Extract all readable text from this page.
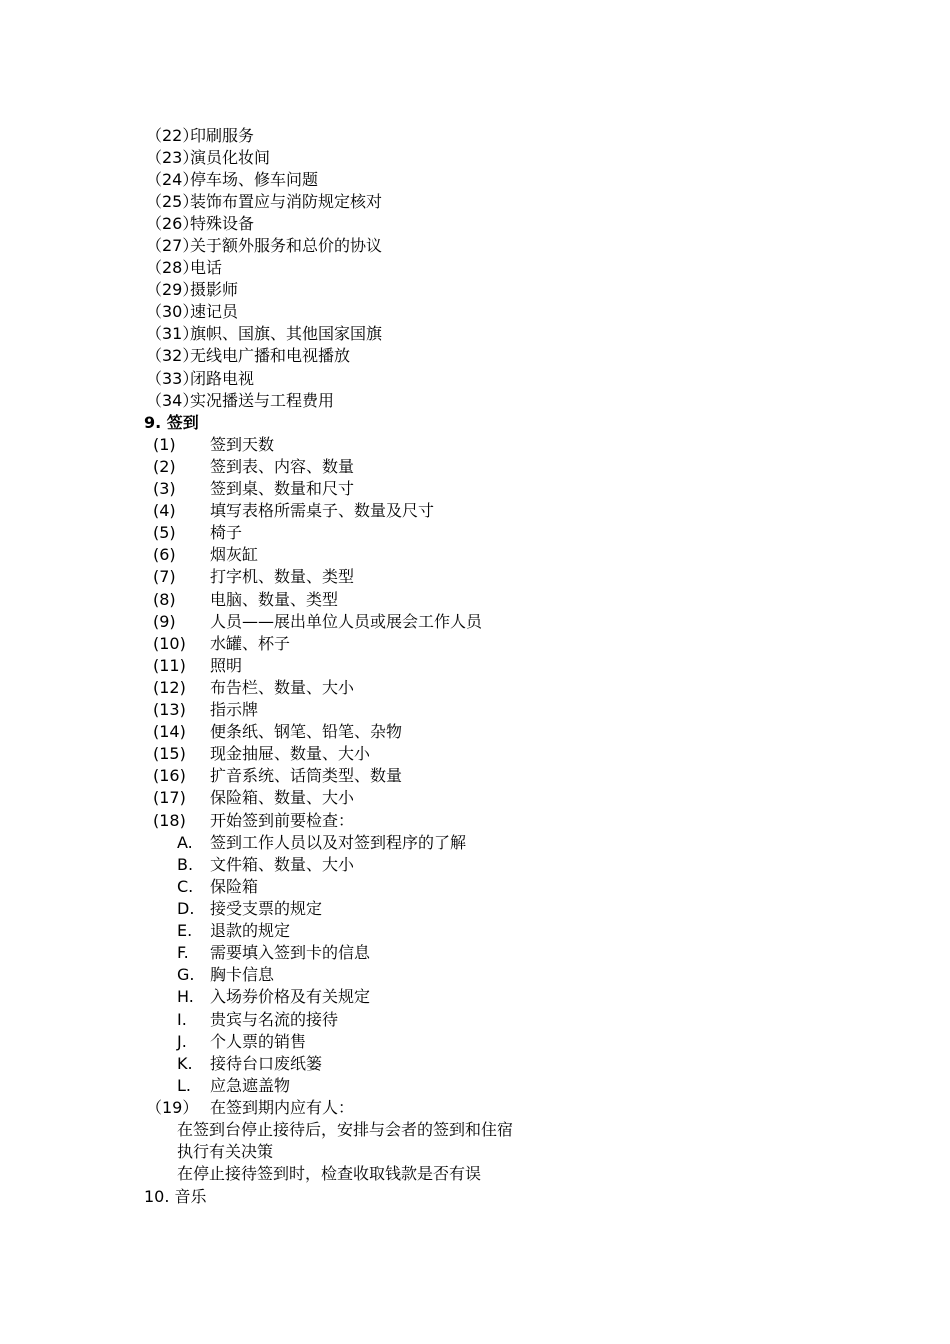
（22）印刷服务
（23）演员化妆间
（24）停车场、修车问题
（25）装饰布置应与消防规定核对
（26）特殊设备
（27）关于额外服务和总价的协议
（28）电话
（29）摄影师
（30）速记员
（31）旗帜、国旗、其他国家国旗
（32）无线电广播和电视播放
（33）闭路电视
（34）实况播送与工程费用
9. 签到
(1) 签到天数
(2) 签到表、内容、数量
(3) 签到桌、数量和尺寸
(4) 填写表格所需桌子、数量及尺寸
(5) 椅子
(6) 烟灰缸
(7) 打字机、数量、类型
(8) 电脑、数量、类型
(9) 人员——展出单位人员或展会工作人员
(10) 水罐、杯子
(11) 照明
(12) 布告栏、数量、大小
(13) 指示牌
(14) 便条纸、钢笔、铅笔、杂物
(15) 现金抽屉、数量、大小
(16) 扩音系统、话筒类型、数量
(17) 保险箱、数量、大小
(18) 开始签到前要检查：
A. 签到工作人员以及对签到程序的了解
B. 文件箱、数量、大小
C. 保险箱
D. 接受支票的规定
E. 退款的规定
F. 需要填入签到卡的信息
G. 胸卡信息
H. 入场券价格及有关规定
I. 贵宾与名流的接待
J. 个人票的销售
K. 接待台口废纸篓
L. 应急遮盖物
（19） 在签到期内应有人：
在签到台停止接待后，安排与会者的签到和住宿
执行有关决策
在停止接待签到时，检查收取钱款是否有误
10. 音乐
